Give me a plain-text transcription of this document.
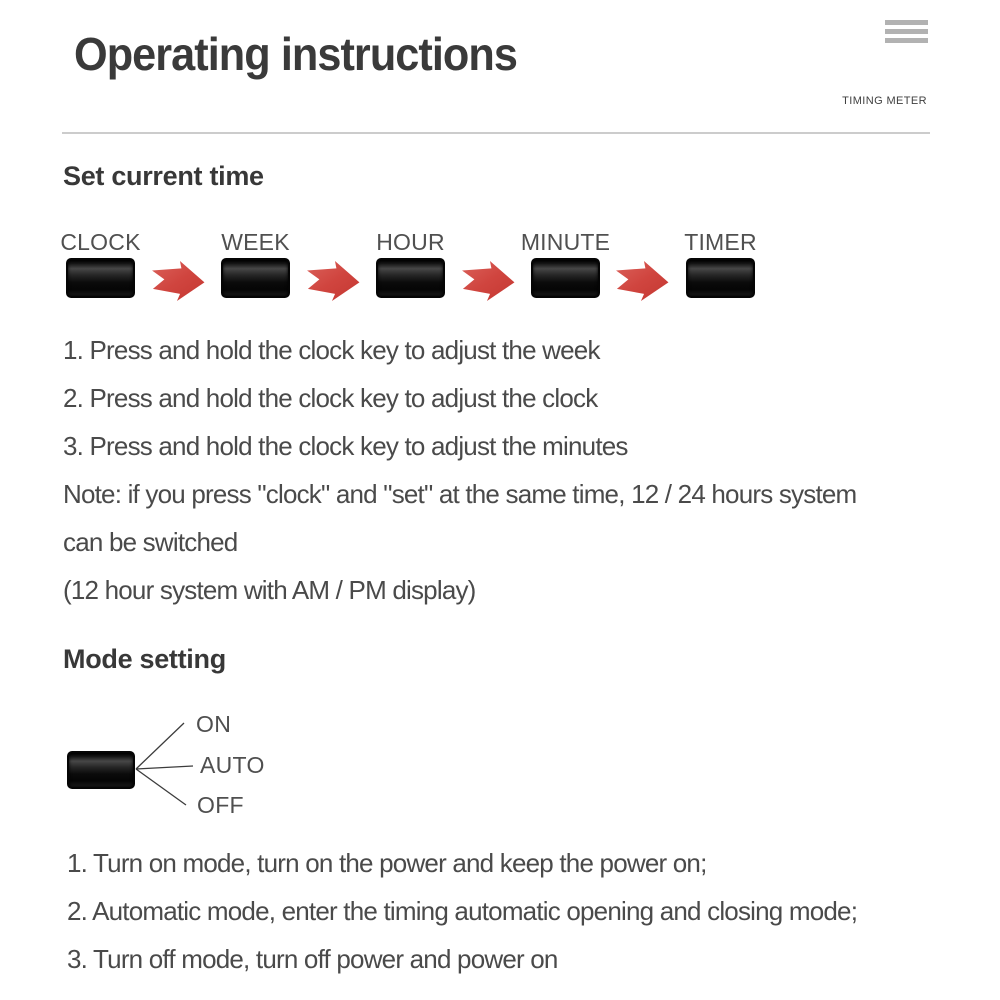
Operating instructions
TIMING METER
Set current time
CLOCK	WEEK	HOUR	MINUTE	TIMER
1. Press and hold the clock key to adjust the week
2. Press and hold the clock key to adjust the clock
3. Press and hold the clock key to adjust the minutes
Note: if you press "clock" and "set" at the same time, 12 / 24 hours system
can be switched
(12 hour system with AM / PM display)
Mode setting
ON
AUTO
OFF
1. Turn on mode, turn on the power and keep the power on;
2. Automatic mode, enter the timing automatic opening and closing mode;
3. Turn off mode, turn off power and power on
